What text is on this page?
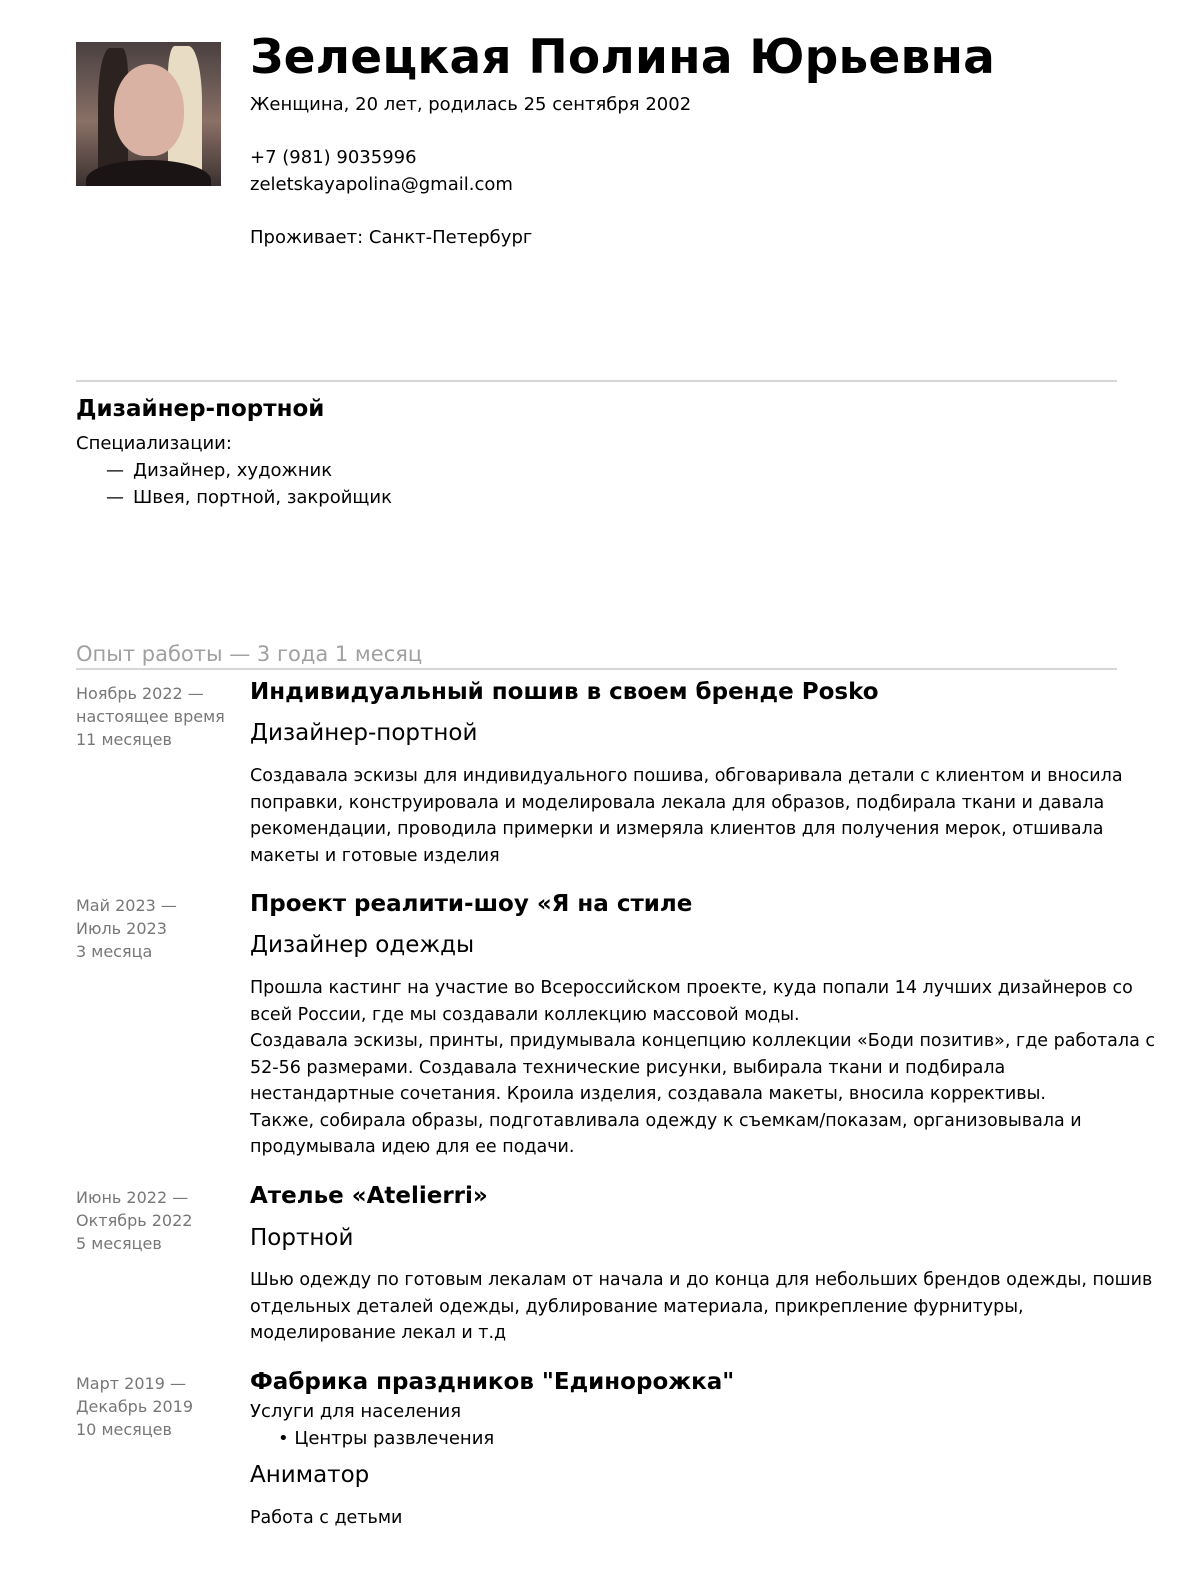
Зелецкая Полина Юрьевна
Женщина, 20 лет, родилась 25 сентября 2002
+7 (981) 9035996
zeletskayapolina@gmail.com
Проживает: Санкт-Петербург
Дизайнер-портной
Специализации:
— Дизайнер, художник
— Швея, портной, закройщик
Опыт работы — 3 года 1 месяц
Ноябрь 2022 —
настоящее время
11 месяцев
Индивидуальный пошив в своем бренде Posko
Дизайнер-портной
Создавала эскизы для индивидуального пошива, обговаривала детали с клиентом и вносила
поправки, конструировала и моделировала лекала для образов, подбирала ткани и давала
рекомендации, проводила примерки и измеряла клиентов для получения мерок, отшивала
макеты и готовые изделия
Май 2023 —
Июль 2023
3 месяца
Проект реалити-шоу «Я на стиле
Дизайнер одежды
Прошла кастинг на участие во Всероссийском проекте, куда попали 14 лучших дизайнеров со
всей России, где мы создавали коллекцию массовой моды.
Создавала эскизы, принты, придумывала концепцию коллекции «Боди позитив», где работала с
52-56 размерами. Создавала технические рисунки, выбирала ткани и подбирала
нестандартные сочетания. Кроила изделия, создавала макеты, вносила коррективы.
Также, собирала образы, подготавливала одежду к съемкам/показам, организовывала и
продумывала идею для ее подачи.
Июнь 2022 —
Октябрь 2022
5 месяцев
Ателье «Atelierri»
Портной
Шью одежду по готовым лекалам от начала и до конца для небольших брендов одежды, пошив
отдельных деталей одежды, дублирование материала, прикрепление фурнитуры,
моделирование лекал и т.д
Март 2019 —
Декабрь 2019
10 месяцев
Фабрика праздников "Единорожка"
Услуги для населения
• Центры развлечения
Аниматор
Работа с детьми
